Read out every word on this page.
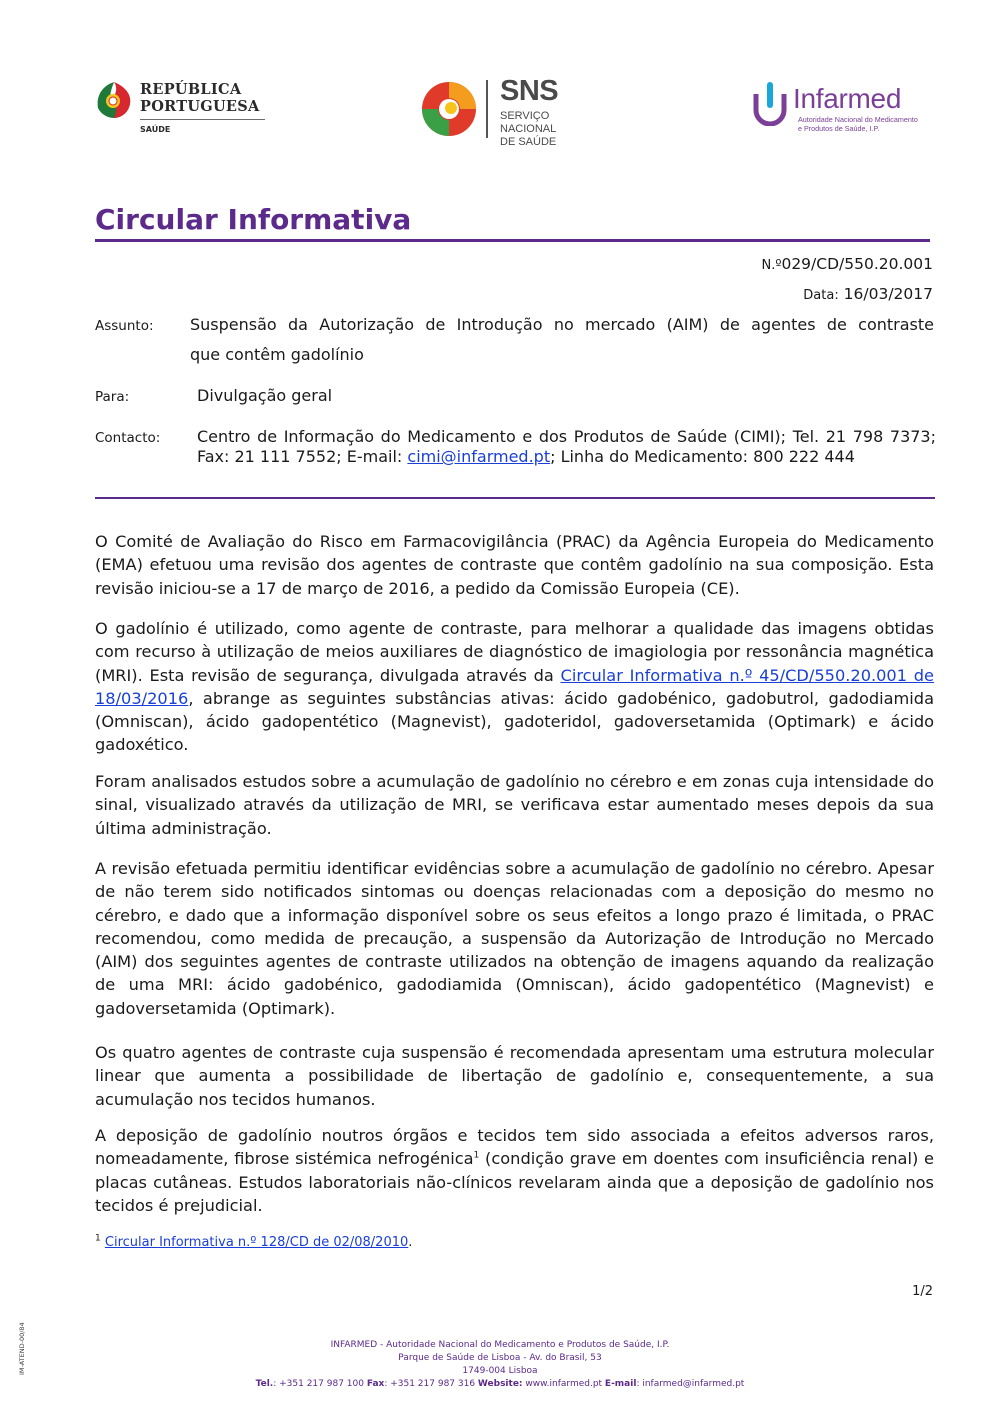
REPÚBLICA
PORTUGUESA
SAÚDE
SNS
SERVIÇO NACIONAL
DE SAÚDE
Infarmed
Autoridade Nacional do Medicamento
e Produtos de Saúde, I.P.
Circular Informativa
N.º029/CD/550.20.001
Data: 16/03/2017
Assunto: Suspensão da Autorização de Introdução no mercado (AIM) de agentes de contraste
que contêm gadolínio
Para:	Divulgação geral
Contacto: Centro de Informação do Medicamento e dos Produtos de Saúde (CIMI); Tel. 21 798 7373; Fax: 21 111 7552; E-mail: cimi@infarmed.pt; Linha do Medicamento: 800 222 444
O Comité de Avaliação do Risco em Farmacovigilância (PRAC) da Agência Europeia do Medicamento (EMA) efetuou uma revisão dos agentes de contraste que contêm gadolínio na sua composição. Esta revisão iniciou-se a 17 de março de 2016, a pedido da Comissão Europeia (CE).
O gadolínio é utilizado, como agente de contraste, para melhorar a qualidade das imagens obtidas com recurso à utilização de meios auxiliares de diagnóstico de imagiologia por ressonância magnética (MRI). Esta revisão de segurança, divulgada através da Circular Informativa n.º 45/CD/550.20.001 de 18/03/2016, abrange as seguintes substâncias ativas: ácido gadobénico, gadobutrol, gadodiamida (Omniscan), ácido gadopentético (Magnevist), gadoteridol, gadoversetamida (Optimark) e ácido gadoxético.
Foram analisados estudos sobre a acumulação de gadolínio no cérebro e em zonas cuja intensidade do sinal, visualizado através da utilização de MRI, se verificava estar aumentado meses depois da sua última administração.
A revisão efetuada permitiu identificar evidências sobre a acumulação de gadolínio no cérebro. Apesar de não terem sido notificados sintomas ou doenças relacionadas com a deposição do mesmo no cérebro, e dado que a informação disponível sobre os seus efeitos a longo prazo é limitada, o PRAC recomendou, como medida de precaução, a suspensão da Autorização de Introdução no Mercado (AIM) dos seguintes agentes de contraste utilizados na obtenção de imagens aquando da realização de uma MRI: ácido gadobénico, gadodiamida (Omniscan), ácido gadopentético (Magnevist) e gadoversetamida (Optimark).
Os quatro agentes de contraste cuja suspensão é recomendada apresentam uma estrutura molecular linear que aumenta a possibilidade de libertação de gadolínio e, consequentemente, a sua acumulação nos tecidos humanos.
A deposição de gadolínio noutros órgãos e tecidos tem sido associada a efeitos adversos raros, nomeadamente, fibrose sistémica nefrogénica$^1$ (condição grave em doentes com insuficiência renal) e placas cutâneas. Estudos laboratoriais não-clínicos revelaram ainda que a deposição de gadolínio nos tecidos é prejudicial.
$^1$ Circular Informativa n.º 128/CD de 02/08/2010.
1/2
IM-ATEND-00/84	INFARMED - Autoridade Nacional do Medicamento e Produtos de Saúde, I.P.
Parque de Saúde de Lisboa - Av. do Brasil, 53
1749-004 Lisboa
Tel.: +351 217 987 100 Fax: +351 217 987 316 Website: www.infarmed.pt E-mail: infarmed@infarmed.pt
